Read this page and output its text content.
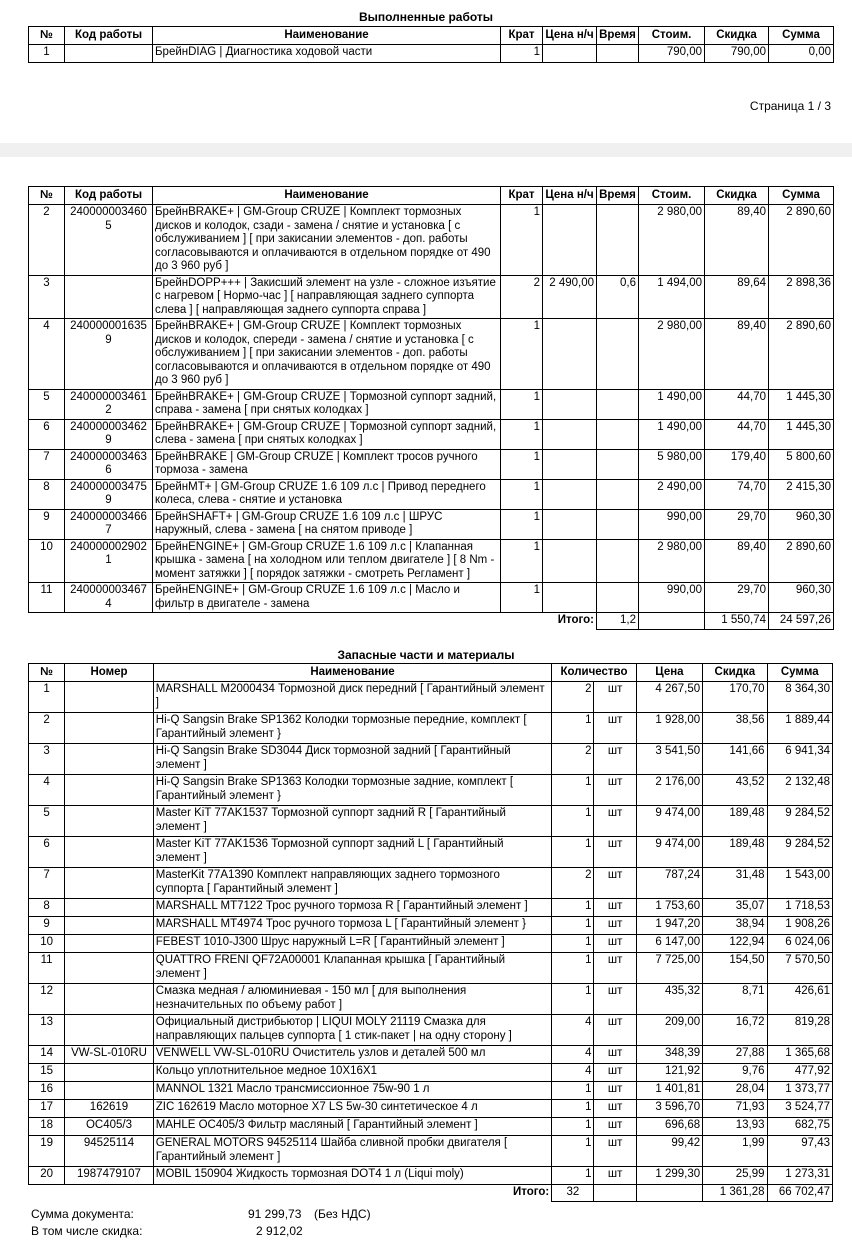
Выполненные работы
№	Код работы	Наименование	Крат	Цена н/ч	Время	Стоим.	Скидка	Сумма
1		БрейнDIAG | Диагностика ходовой части	1			790,00	790,00	0,00
Страница 1 / 3
№	Код работы	Наименование	Крат	Цена н/ч	Время	Стоим.	Скидка	Сумма
2	240000003460 5	БрейнBRAKE+ | GM-Group CRUZE | Комплект тормозных дисков и колодок, сзади - замена / снятие и установка [ с обслуживанием ] [ при закисании элементов - доп. работы согласовываются и оплачиваются в отдельном порядке от 490 до 3 960 руб ]	1			2 980,00	89,40	2 890,60
3		БрейнDOPP+++ | Закисший элемент на узле - сложное изъятие с нагревом [ Нормо-час ] [ направляющая заднего суппорта слева ] [ направляющая заднего суппорта справа ]	2	2 490,00	0,6	1 494,00	89,64	2 898,36
4	240000001635 9	БрейнBRAKE+ | GM-Group CRUZE | Комплект тормозных дисков и колодок, спереди - замена / снятие и установка [ с обслуживанием ] [ при закисании элементов - доп. работы согласовываются и оплачиваются в отдельном порядке от 490 до 3 960 руб ]	1			2 980,00	89,40	2 890,60
5	240000003461 2	БрейнBRAKE+ | GM-Group CRUZE | Тормозной суппорт задний, справа - замена [ при снятых колодках ]	1			1 490,00	44,70	1 445,30
6	240000003462 9	БрейнBRAKE+ | GM-Group CRUZE | Тормозной суппорт задний, слева - замена [ при снятых колодках ]	1			1 490,00	44,70	1 445,30
7	240000003463 6	БрейнBRAKE | GM-Group CRUZE | Комплект тросов ручного тормоза - замена	1			5 980,00	179,40	5 800,60
8	240000003475 9	БрейнMT+ | GM-Group CRUZE 1.6 109 л.с | Привод переднего колеса, слева - снятие и установка	1			2 490,00	74,70	2 415,30
9	240000003466 7	БрейнSHAFT+ | GM-Group CRUZE 1.6 109 л.с | ШРУС наружный, слева - замена [ на снятом приводе ]	1			990,00	29,70	960,30
10	240000002902 1	БрейнENGINE+ | GM-Group CRUZE 1.6 109 л.с | Клапанная крышка - замена [ на холодном или теплом двигателе ] [ 8 Nm - момент затяжки ] [ порядок затяжки - смотреть Регламент ]	1			2 980,00	89,40	2 890,60
11	240000003467 4	БрейнENGINE+ | GM-Group CRUZE 1.6 109 л.с | Масло и фильтр в двигателе - замена	1			990,00	29,70	960,30
Итого:					1,2		1 550,74	24 597,26
Запасные части и материалы
№	Номер	Наименование	Количество		Цена	Скидка	Сумма
1		MARSHALL M2000434 Тормозной диск передний [ Гарантийный элемент ]	2	шт	4 267,50	170,70	8 364,30
2		Hi-Q Sangsin Brake SP1362 Колодки тормозные передние, комплект [ Гарантийный элемент }	1	шт	1 928,00	38,56	1 889,44
3		Hi-Q Sangsin Brake SD3044 Диск тормозной задний [ Гарантийный элемент ]	2	шт	3 541,50	141,66	6 941,34
4		Hi-Q Sangsin Brake SP1363 Колодки тормозные задние, комплект [ Гарантийный элемент }	1	шт	2 176,00	43,52	2 132,48
5		Master KiT 77AK1537 Тормозной суппорт задний R [ Гарантийный элемент ]	1	шт	9 474,00	189,48	9 284,52
6		Master KiT 77AK1536 Тормозной суппорт задний L [ Гарантийный элемент ]	1	шт	9 474,00	189,48	9 284,52
7		MasterKit 77A1390 Комплект направляющих заднего тормозного суппорта [ Гарантийный элемент ]	2	шт	787,24	31,48	1 543,00
8		MARSHALL MT7122 Трос ручного тормоза R [ Гарантийный элемент ]	1	шт	1 753,60	35,07	1 718,53
9		MARSHALL MT4974 Трос ручного тормоза L [ Гарантийный элемент }	1	шт	1 947,20	38,94	1 908,26
10		FEBEST 1010-J300 Шрус наружный L=R [ Гарантийный элемент ]	1	шт	6 147,00	122,94	6 024,06
11		QUATTRO FRENI QF72A00001 Клапанная крышка [ Гарантийный элемент ]	1	шт	7 725,00	154,50	7 570,50
12		Смазка медная / алюминиевая - 150 мл [ для выполнения незначительных по объему работ ]	1	шт	435,32	8,71	426,61
13		Официальный дистрибьютор | LIQUI MOLY 21119 Смазка для направляющих пальцев суппорта [ 1 стик-пакет | на одну сторону ]	4	шт	209,00	16,72	819,28
14	VW-SL-010RU	VENWELL VW-SL-010RU Очиститель узлов и деталей 500 мл	4	шт	348,39	27,88	1 365,68
15		Кольцо уплотнительное медное 10X16X1	4	шт	121,92	9,76	477,92
16		MANNOL 1321 Масло трансмиссионное 75w-90 1 л	1	шт	1 401,81	28,04	1 373,77
17	162619	ZIC 162619 Масло моторное X7 LS 5w-30 синтетическое 4 л	1	шт	3 596,70	71,93	3 524,77
18	OC405/3	MAHLE OC405/3 Фильтр масляный [ Гарантийный элемент ]	1	шт	696,68	13,93	682,75
19	94525114	GENERAL MOTORS 94525114 Шайба сливной пробки двигателя [ Гарантийный элемент ]	1	шт	99,42	1,99	97,43
20	1987479107	MOBIL 150904 Жидкость тормозная DOT4 1 л (Liqui moly)	1	шт	1 299,30	25,99	1 273,31
Итого:			32			1 361,28	66 702,47
Сумма документа:	91 299,73 (Без НДС)
В том числе скидка:	2 912,02
